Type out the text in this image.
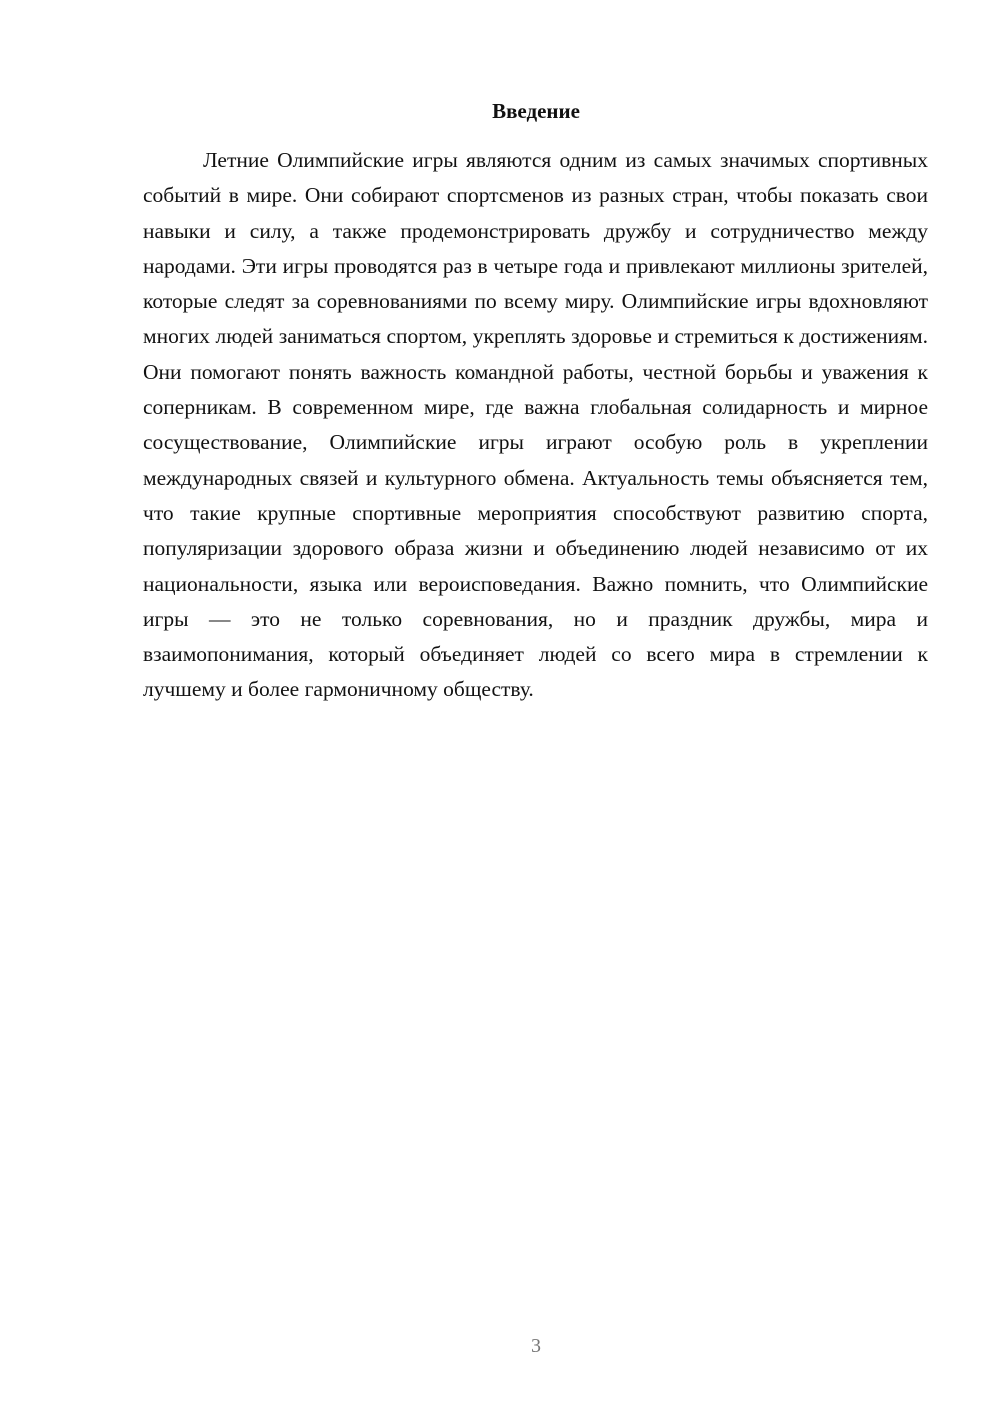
Введение

Летние Олимпийские игры являются одним из самых значимых спортивных событий в мире. Они собирают спортсменов из разных стран, чтобы показать свои навыки и силу, а также продемонстрировать дружбу и сотрудничество между народами. Эти игры проводятся раз в четыре года и привлекают миллионы зрителей, которые следят за соревнованиями по всему миру. Олимпийские игры вдохновляют многих людей заниматься спортом, укреплять здоровье и стремиться к достижениям. Они помогают понять важность командной работы, честной борьбы и уважения к соперникам. В современном мире, где важна глобальная солидарность и мирное сосуществование, Олимпийские игры играют особую роль в укреплении международных связей и культурного обмена. Актуальность темы объясняется тем, что такие крупные спортивные мероприятия способствуют развитию спорта, популяризации здорового образа жизни и объединению людей независимо от их национальности, языка или вероисповедания. Важно помнить, что Олимпийские игры — это не только соревнования, но и праздник дружбы, мира и взаимопонимания, который объединяет людей со всего мира в стремлении к лучшему и более гармоничному обществу.

3
